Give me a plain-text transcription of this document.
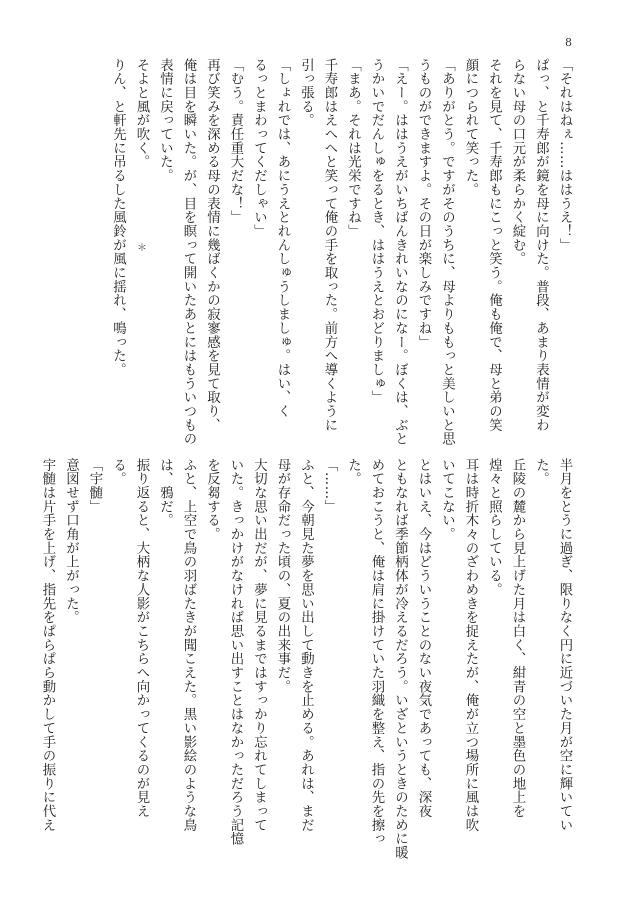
8
「それはねぇ……ははうえ！」
ぱっ、と千寿郎が鏡を母に向けた。普段、あまり表情が変わ
らない母の口元が柔らかく綻む。
それを見て、千寿郎もにこっと笑う。俺も俺で、母と弟の笑
顔につられて笑った。
「ありがとう。ですがそのうちに、母よりももっと美しいと思
うものができますよ。その日が楽しみですね」
「えー。ははうえがいちばんきれいなのになー。ぼくは、ぶと
うかいでだんしゅをるとき、ははうえとおどりましゅ」
「まあ。それは光栄ですね」
千寿郎はえへへと笑って俺の手を取った。前方へ導くように
引っ張る。
「しょれでは、あにうえとれんしゅうしましゅ。はい、く
るっとまわってくだしゃい」
「むう。責任重大だな！」
再び笑みを深める母の表情に幾ばくかの寂寥感を見て取り、
俺は目を瞬いた。が、目を瞑って開いたあとにはもういつもの
表情に戻っていた。
そよと風が吹く。
りん、と軒先に吊るした風鈴が風に揺れ、鳴った。	＊
半月をとうに過ぎ、限りなく円に近づいた月が空に輝いてい
た。
丘陵の麓から見上げた月は白く、紺青の空と墨色の地上を
煌々と照らしている。
耳は時折木々のざわめきを捉えたが、俺が立つ場所に風は吹
いてこない。
とはいえ、今はどういうことのない夜気であっても、深夜
ともなれば季節柄体が冷えるだろう。いざというときのために暖
めておこうと、俺は肩に掛けていた羽織を整え、指の先を擦っ
た。
「……」
ふと、今朝見た夢を思い出して動きを止める。あれは、まだ
母が存命だった頃の、夏の出来事だ。
大切な思い出だが、夢に見るまではすっかり忘れてしまって
いた。きっかけがなければ思い出すことはなかっただろう記憶
を反芻する。
ふと、上空で鳥の羽ばたきが聞こえた。黒い影絵のような鳥
は、鴉だ。
振り返ると、大柄な人影がこちらへ向かってくるのが見え
る。
「宇髄」
意図せず口角が上がった。
宇髄は片手を上げ、指先をぱらぱら動かして手の振りに代え
